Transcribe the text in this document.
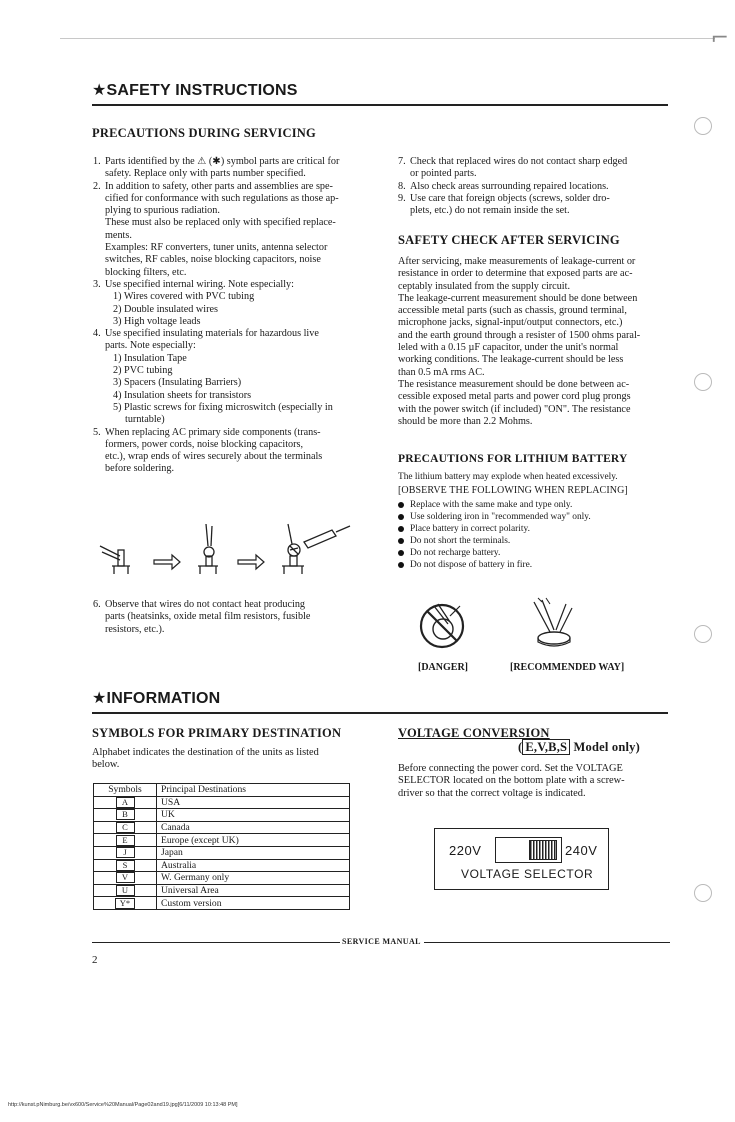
⌐
★SAFETY INSTRUCTIONS
PRECAUTIONS DURING SERVICING
1. Parts identified by the ⚠ (✱) symbol parts are critical for
safety. Replace only with parts number specified.
2. In addition to safety, other parts and assemblies are spe-
cified for conformance with such regulations as those ap-
plying to spurious radiation.
These must also be replaced only with specified replace-
ments.
Examples: RF converters, tuner units, antenna selector
switches, RF cables, noise blocking capacitors, noise
blocking filters, etc.
3. Use specified internal wiring. Note especially:
1) Wires covered with PVC tubing
2) Double insulated wires
3) High voltage leads
4. Use specified insulating materials for hazardous live
parts. Note especially:
1) Insulation Tape
2) PVC tubing
3) Spacers (Insulating Barriers)
4) Insulation sheets for transistors
5) Plastic screws for fixing microswitch (especially in
turntable)
5. When replacing AC primary side components (trans-
formers, power cords, noise blocking capacitors,
etc.), wrap ends of wires securely about the terminals
before soldering.
6. Observe that wires do not contact heat producing
parts (heatsinks, oxide metal film resistors, fusible
resistors, etc.).
7. Check that replaced wires do not contact sharp edged
or pointed parts.
8. Also check areas surrounding repaired locations.
9. Use care that foreign objects (screws, solder dro-
plets, etc.) do not remain inside the set.
SAFETY CHECK AFTER SERVICING
After servicing, make measurements of leakage-current or
resistance in order to determine that exposed parts are ac-
ceptably insulated from the supply circuit.
The leakage-current measurement should be done between
accessible metal parts (such as chassis, ground terminal,
microphone jacks, signal-input/output connectors, etc.)
and the earth ground through a resister of 1500 ohms paral-
leled with a 0.15 µF capacitor, under the unit's normal
working conditions. The leakage-current should be less
than 0.5 mA rms AC.
The resistance measurement should be done between ac-
cessible exposed metal parts and power cord plug prongs
with the power switch (if included) "ON". The resistance
should be more than 2.2 Mohms.
PRECAUTIONS FOR LITHIUM BATTERY
The lithium battery may explode when heated excessively.
[OBSERVE THE FOLLOWING WHEN REPLACING]
Replace with the same make and type only.
Use soldering iron in "recommended way" only.
Place battery in correct polarity.
Do not short the terminals.
Do not recharge battery.
Do not dispose of battery in fire.
[DANGER]	[RECOMMENDED WAY]
★INFORMATION
SYMBOLS FOR PRIMARY DESTINATION
Alphabet indicates the destination of the units as listed
below.
Symbols	Principal Destinations
A	USA
B	UK
C	Canada
E	Europe (except UK)
J	Japan
S	Australia
V	W. Germany only
U	Universal Area
Y*	Custom version
VOLTAGE CONVERSION
( E,V,B,S Model only)
Before connecting the power cord. Set the VOLTAGE
SELECTOR located on the bottom plate with a screw-
driver so that the correct voltage is indicated.
220V	240V
VOLTAGE SELECTOR
SERVICE MANUAL
2
http://kunst.pNimburg.be/vx600/Service%20Manual/Page02and19.jpg[6/11/2009 10:13:48 PM]
